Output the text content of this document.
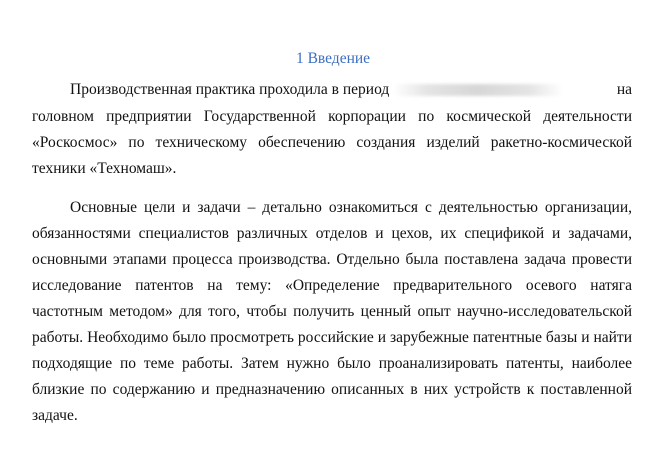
1 Введение
Производственная практика проходила в период	на
головном предприятии Государственной корпорации по космической деятельности
«Роскосмос» по техническому обеспечению создания изделий ракетно-космической
техники «Техномаш».
Основные цели и задачи – детально ознакомиться с деятельностью организации,
обязанностями специалистов различных отделов и цехов, их спецификой и задачами,
основными этапами процесса производства. Отдельно была поставлена задача провести
исследование патентов на тему: «Определение предварительного осевого натяга
частотным методом» для того, чтобы получить ценный опыт научно-исследовательской
работы. Необходимо было просмотреть российские и зарубежные патентные базы и найти
подходящие по теме работы. Затем нужно было проанализировать патенты, наиболее
близкие по содержанию и предназначению описанных в них устройств к поставленной
задаче.
